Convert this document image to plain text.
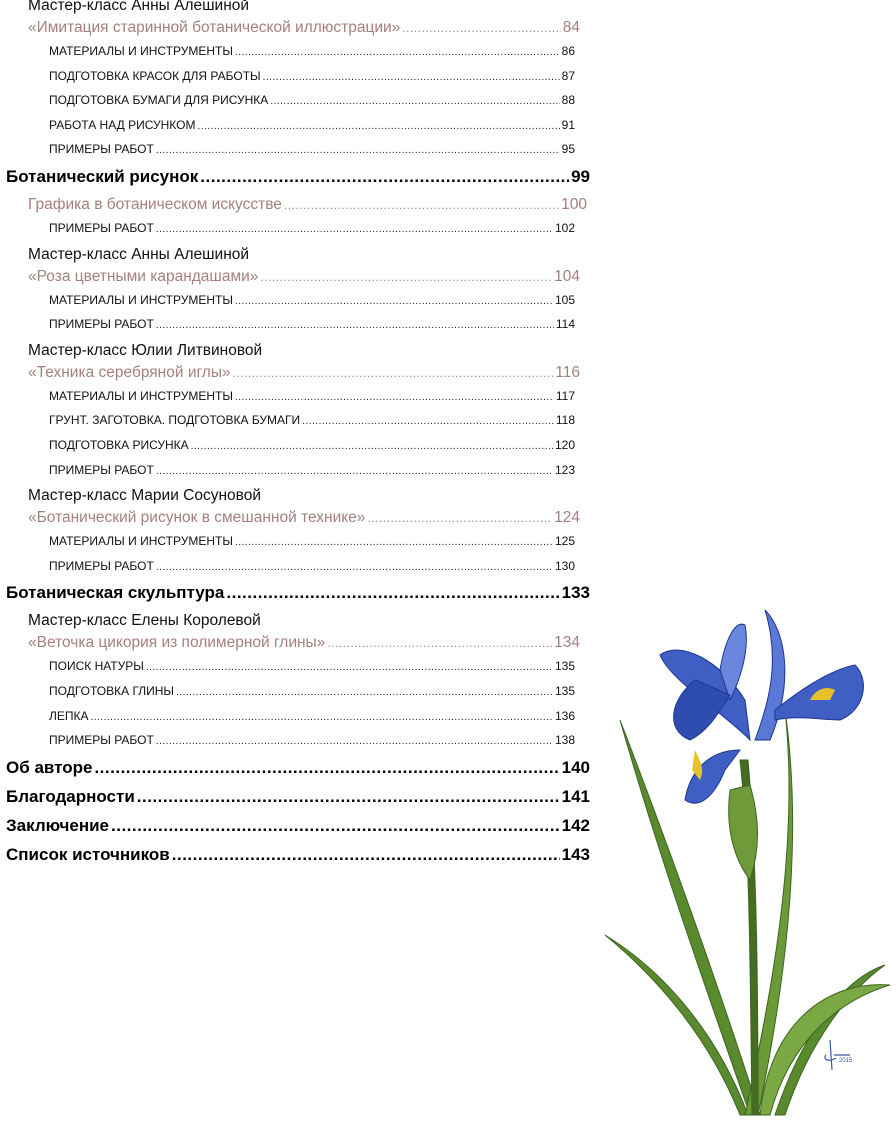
Мастер-класс Анны Алешиной
«Имитация старинной ботанической иллюстрации» .....	84
МАТЕРИАЛЫ И ИНСТРУМЕНТЫ .....	86
ПОДГОТОВКА КРАСОК ДЛЯ РАБОТЫ .....	87
ПОДГОТОВКА БУМАГИ ДЛЯ РИСУНКА .....	88
РАБОТА НАД РИСУНКОМ .....	91
ПРИМЕРЫ РАБОТ .....	95
Ботанический рисунок .....	99
Графика в ботаническом искусстве .....	100
ПРИМЕРЫ РАБОТ .....	102
Мастер-класс Анны Алешиной
«Роза цветными карандашами» .....	104
МАТЕРИАЛЫ И ИНСТРУМЕНТЫ .....	105
ПРИМЕРЫ РАБОТ .....	114
Мастер-класс Юлии Литвиновой
«Техника серебряной иглы» .....	116
МАТЕРИАЛЫ И ИНСТРУМЕНТЫ .....	117
ГРУНТ. ЗАГОТОВКА. ПОДГОТОВКА БУМАГИ .....	118
ПОДГОТОВКА РИСУНКА .....	120
ПРИМЕРЫ РАБОТ .....	123
Мастер-класс Марии Сосуновой
«Ботанический рисунок в смешанной технике» .....	124
МАТЕРИАЛЫ И ИНСТРУМЕНТЫ .....	125
ПРИМЕРЫ РАБОТ .....	130
Ботаническая скульптура .....	133
Мастер-класс Елены Королевой
«Веточка цикория из полимерной глины» .....	134
ПОИСК НАТУРЫ .....	135
ПОДГОТОВКА ГЛИНЫ .....	135
ЛЕПКА .....	136
ПРИМЕРЫ РАБОТ .....	138
Об авторе .....	140
Благодарности .....	141
Заключение .....	142
Список источников .....	143
2015
